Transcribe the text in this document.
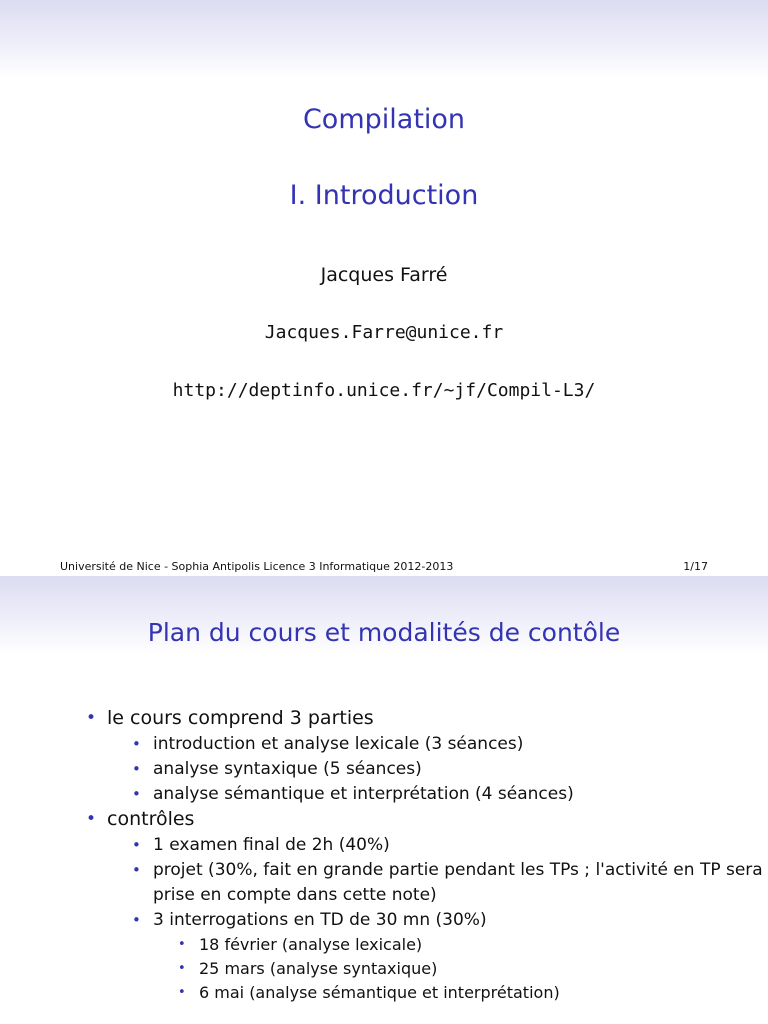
Compilation
I. Introduction
Jacques Farré
Jacques.Farre@unice.fr
http://deptinfo.unice.fr/~jf/Compil-L3/
Université de Nice - Sophia Antipolis Licence 3 Informatique 2012-2013	1/17
Plan du cours et modalités de contôle
• le cours comprend 3 parties
• introduction et analyse lexicale (3 séances)
• analyse syntaxique (5 séances)
• analyse sémantique et interprétation (4 séances)
• contrôles
• 1 examen final de 2h (40%)
• projet (30%, fait en grande partie pendant les TPs ; l'activité en TP sera prise en compte dans cette note)
• 3 interrogations en TD de 30 mn (30%)
• 18 février (analyse lexicale)
• 25 mars (analyse syntaxique)
• 6 mai (analyse sémantique et interprétation)
